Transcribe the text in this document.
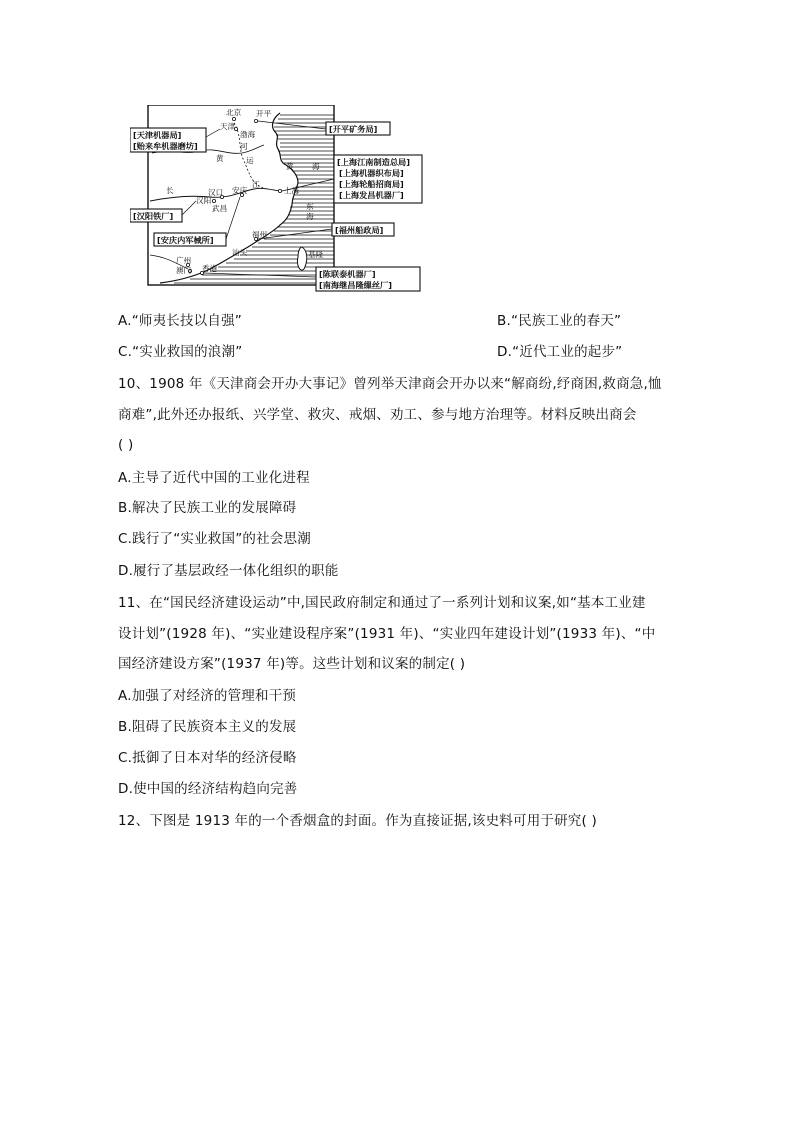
北京 开平
天津
渤海
河
黄	运
黄 海
长
江
汉阳
汉口 安庆
武昌
上海
东
海
福州
汕头
广州
澳门 香港
基隆
[天津机器局]
[贻来牟机器磨坊]
[开平矿务局]
[上海江南制造总局]
[上海机器织布局]
[上海轮船招商局]
[上海发昌机器厂]
[汉阳铁厂]
[安庆内军械所]
[福州船政局]
[陈联泰机器厂]
[南海继昌隆缫丝厂]
A.“师夷长技以自强”	B.“民族工业的春天”
C.“实业救国的浪潮”	D.“近代工业的起步”
10、1908 年《天津商会开办大事记》曾列举天津商会开办以来“解商纷,纾商困,救商急,恤
商难”,此外还办报纸、兴学堂、救灾、戒烟、劝工、参与地方治理等。材料反映出商会
( )
A.主导了近代中国的工业化进程
B.解决了民族工业的发展障碍
C.践行了“实业救国”的社会思潮
D.履行了基层政经一体化组织的职能
11、在“国民经济建设运动”中,国民政府制定和通过了一系列计划和议案,如“基本工业建
设计划”(1928 年)、“实业建设程序案”(1931 年)、“实业四年建设计划”(1933 年)、“中
国经济建设方案”(1937 年)等。这些计划和议案的制定( )
A.加强了对经济的管理和干预
B.阻碍了民族资本主义的发展
C.抵御了日本对华的经济侵略
D.使中国的经济结构趋向完善
12、下图是 1913 年的一个香烟盒的封面。作为直接证据,该史料可用于研究( )
